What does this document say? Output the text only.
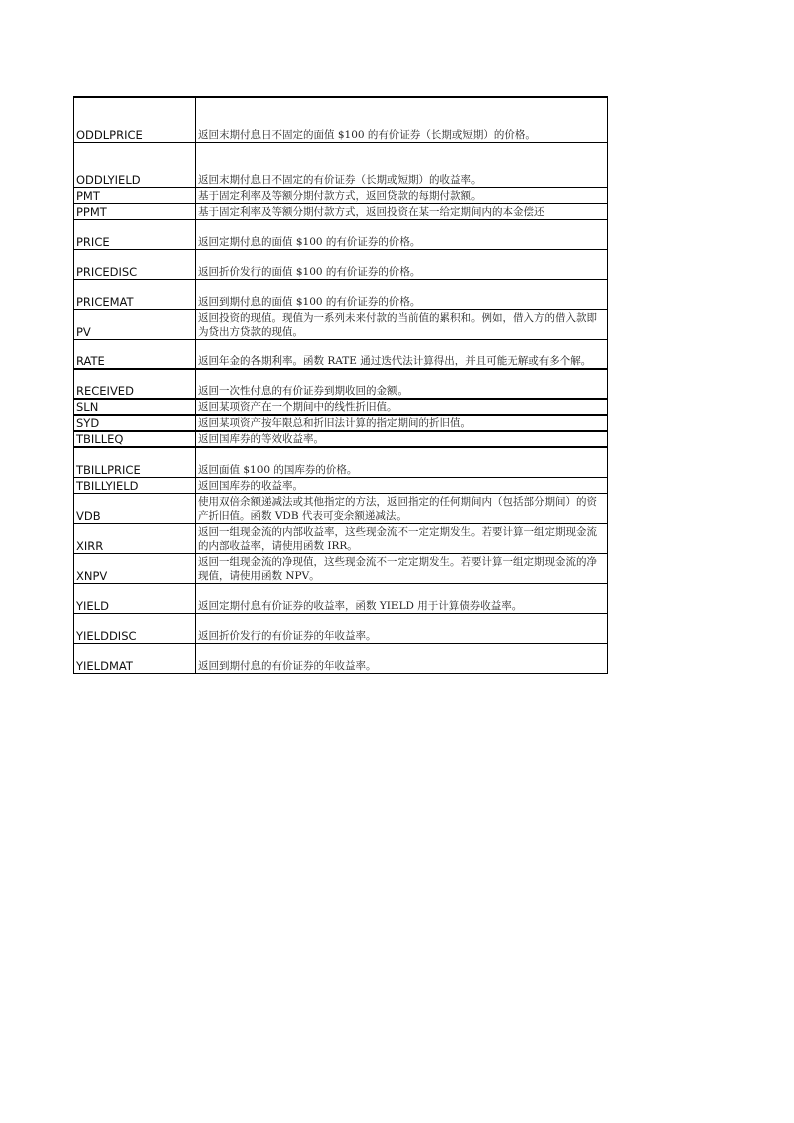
ODDLPRICE	返回末期付息日不固定的面值 $100 的有价证券（长期或短期）的价格。

ODDLYIELD	返回末期付息日不固定的有价证券（长期或短期）的收益率。

PMT	基于固定利率及等额分期付款方式，返回贷款的每期付款额。

PPMT	基于固定利率及等额分期付款方式，返回投资在某一给定期间内的本金偿还

PRICE	返回定期付息的面值 $100 的有价证券的价格。

PRICEDISC	返回折价发行的面值 $100 的有价证券的价格。

PRICEMAT	返回到期付息的面值 $100 的有价证券的价格。

PV	返回投资的现值。现值为一系列未来付款的当前值的累积和。例如，借入方的借入款即为贷出方贷款的现值。

RATE	返回年金的各期利率。函数 RATE 通过迭代法计算得出，并且可能无解或有多个解。

RECEIVED	返回一次性付息的有价证券到期收回的金额。

SLN	返回某项资产在一个期间中的线性折旧值。

SYD	返回某项资产按年限总和折旧法计算的指定期间的折旧值。

TBILLEQ	返回国库券的等效收益率。

TBILLPRICE	返回面值 $100 的国库券的价格。

TBILLYIELD	返回国库券的收益率。

VDB	使用双倍余额递减法或其他指定的方法，返回指定的任何期间内（包括部分期间）的资产折旧值。函数 VDB 代表可变余额递减法。

XIRR	返回一组现金流的内部收益率，这些现金流不一定定期发生。若要计算一组定期现金流的内部收益率，请使用函数 IRR。

XNPV	返回一组现金流的净现值，这些现金流不一定定期发生。若要计算一组定期现金流的净现值，请使用函数 NPV。

YIELD	返回定期付息有价证券的收益率，函数 YIELD 用于计算债券收益率。

YIELDDISC	返回折价发行的有价证券的年收益率。

YIELDMAT	返回到期付息的有价证券的年收益率。
